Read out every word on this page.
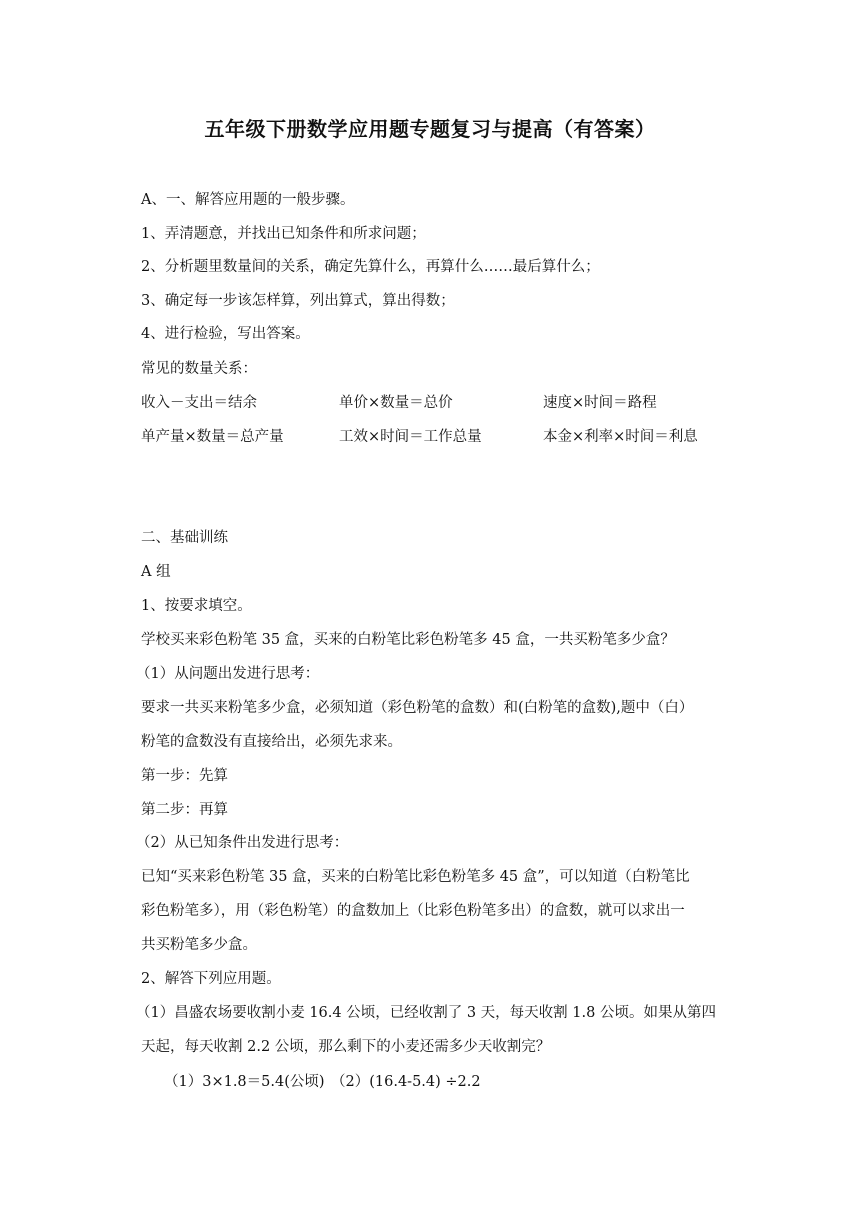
五年级下册数学应用题专题复习与提高（有答案）
A、一、解答应用题的一般步骤。
1、弄清题意，并找出已知条件和所求问题；
2、分析题里数量间的关系，确定先算什么，再算什么……最后算什么；
3、确定每一步该怎样算，列出算式，算出得数；
4、进行检验，写出答案。
常见的数量关系：
收入－支出＝结余	单价×数量＝总价	速度×时间＝路程
单产量×数量＝总产量	工效×时间＝工作总量	本金×利率×时间＝利息
二、基础训练
A 组
1、按要求填空。
学校买来彩色粉笔 35 盒，买来的白粉笔比彩色粉笔多 45 盒，一共买粉笔多少盒？
（1）从问题出发进行思考：
要求一共买来粉笔多少盒，必须知道（彩色粉笔的盒数）和(白粉笔的盒数),题中（白）
粉笔的盒数没有直接给出，必须先求来。
第一步：先算
第二步：再算
（2）从已知条件出发进行思考：
已知“买来彩色粉笔 35 盒，买来的白粉笔比彩色粉笔多 45 盒”，可以知道（白粉笔比
彩色粉笔多），用（彩色粉笔）的盒数加上（比彩色粉笔多出）的盒数，就可以求出一
共买粉笔多少盒。
2、解答下列应用题。
（1）昌盛农场要收割小麦 16.4 公顷，已经收割了 3 天，每天收割 1.8 公顷。如果从第四
天起，每天收割 2.2 公顷，那么剩下的小麦还需多少天收割完？
（1）3×1.8＝5.4(公顷) （2）(16.4-5.4) ÷2.2
